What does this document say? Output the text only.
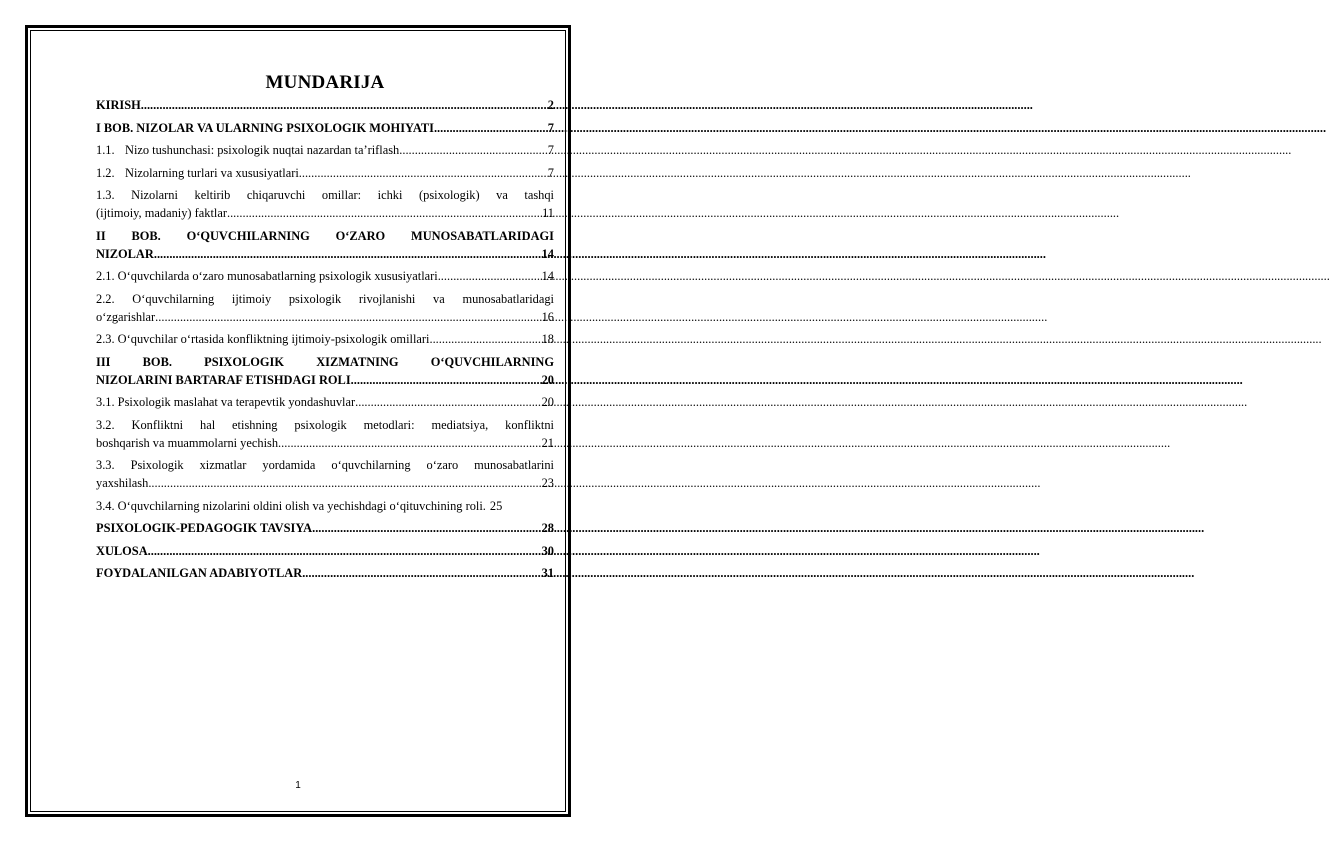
MUNDARIJA
KIRISH .....	2
I BOB. NIZOLAR VA ULARNING PSIXOLOGIK MOHIYATI .....	7
1.1. Nizo tushunchasi: psixologik nuqtai nazardan ta’riflash .....	7
1.2. Nizolarning turlari va xususiyatlari .....	7
1.3. Nizolarni keltirib chiqaruvchi omillar: ichki (psixologik) va tashqi
(ijtimoiy, madaniy) faktlar .....	11
II BOB. O‘QUVCHILARNING O‘ZARO MUNOSABATLARIDAGI
NIZOLAR .....	14
2.1. O‘quvchilarda o‘zaro munosabatlarning psixologik xususiyatlari .....	14
2.2. O‘quvchilarning ijtimoiy psixologik rivojlanishi va munosabatlaridagi
o‘zgarishlar .....	16
2.3. O‘quvchilar o‘rtasida konfliktning ijtimoiy-psixologik omillari .....	18
III BOB. PSIXOLOGIK XIZMATNING O‘QUVCHILARNING
NIZOLARINI BARTARAF ETISHDAGI ROLI .....	20
3.1. Psixologik maslahat va terapevtik yondashuvlar .....	20
3.2. Konfliktni hal etishning psixologik metodlari: mediatsiya, konfliktni
boshqarish va muammolarni yechish .....	21
3.3. Psixologik xizmatlar yordamida o‘quvchilarning o‘zaro munosabatlarini
yaxshilash .....	23
3.4. O‘quvchilarning nizolarini oldini olish va yechishdagi o‘qituvchining roli. 25
PSIXOLOGIK-PEDAGOGIK TAVSIYA .....	28
XULOSA .....	30
FOYDALANILGAN ADABIYOTLAR .....	31
1
